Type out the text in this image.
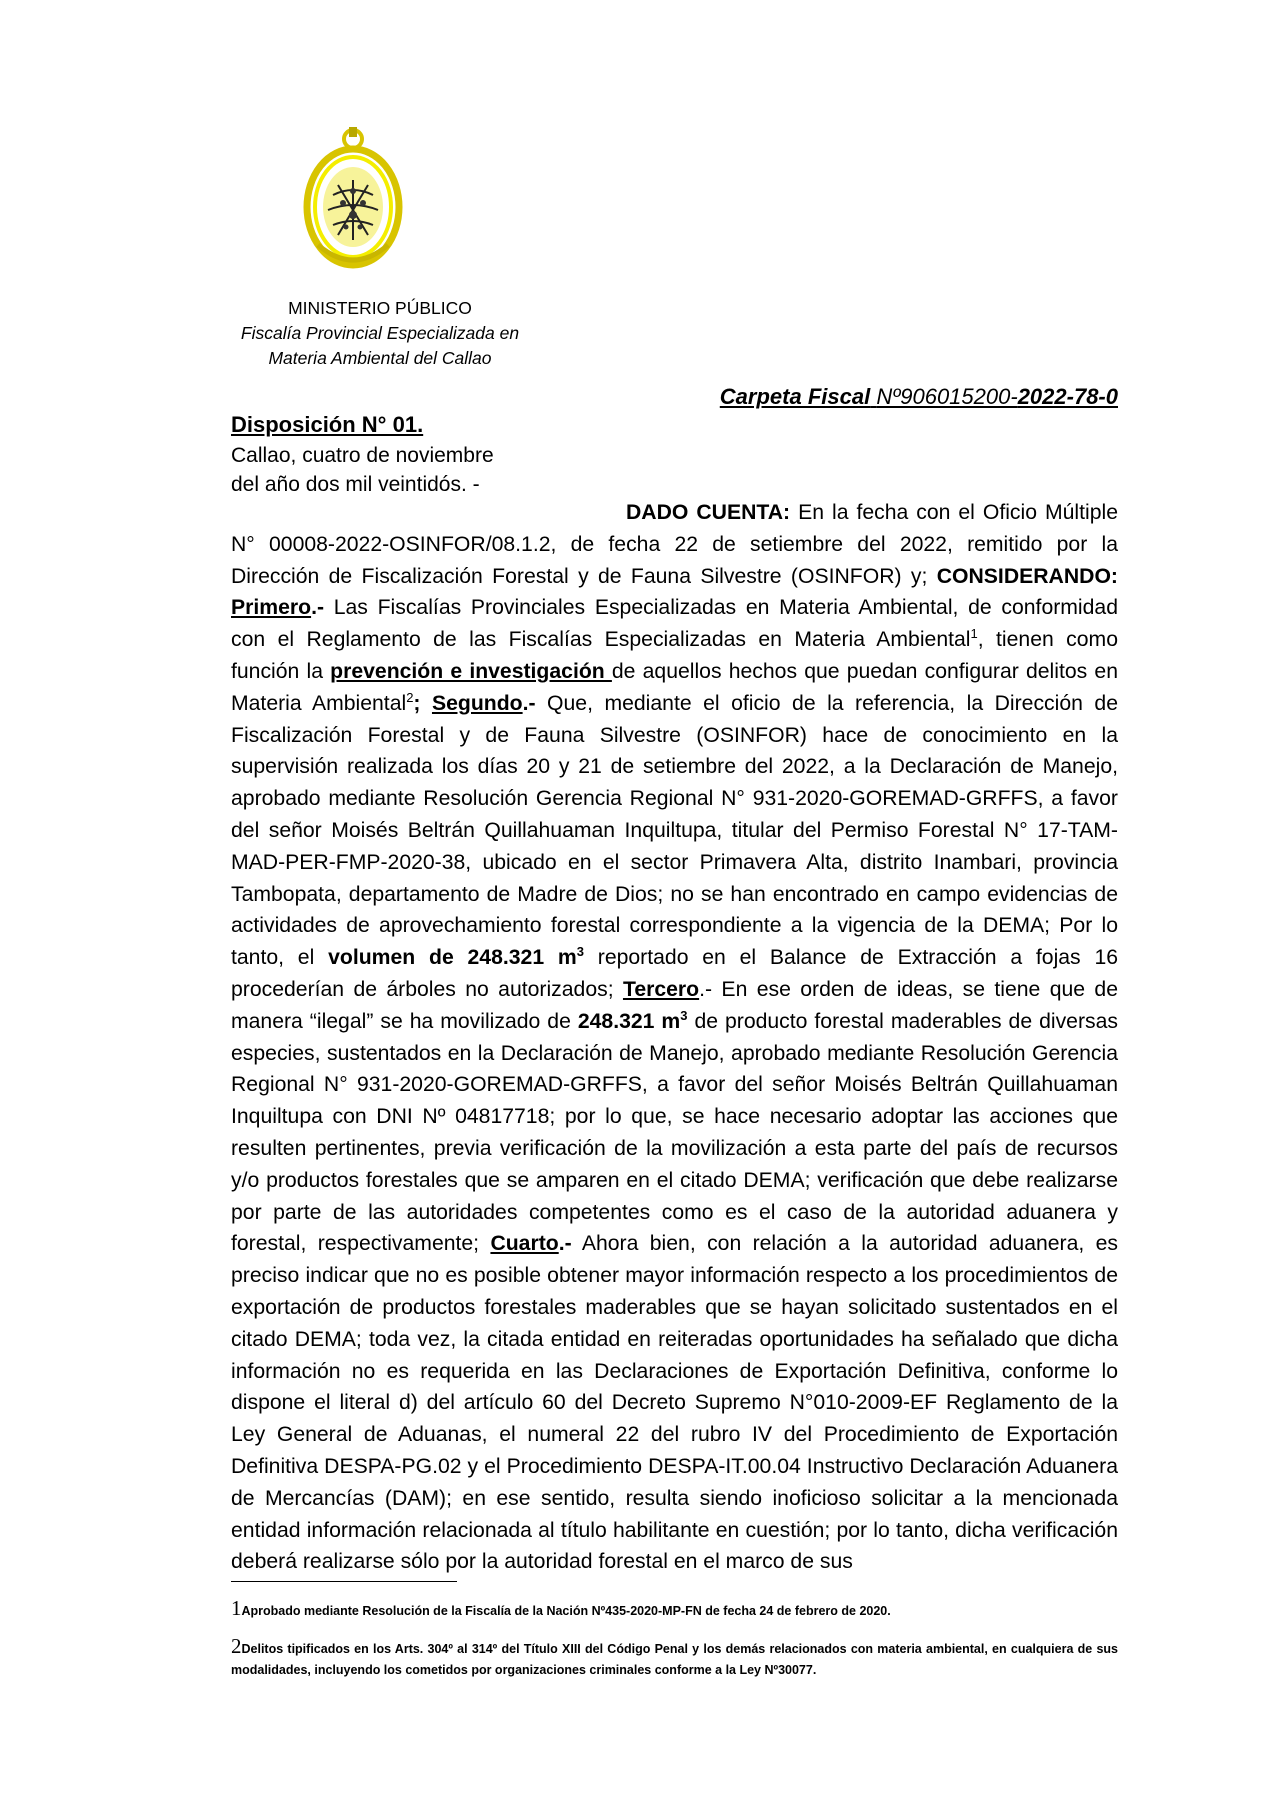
MINISTERIO PÚBLICO

Fiscalía Provincial Especializada en
Materia Ambiental del Callao

Carpeta Fiscal Nº906015200-2022-78-0
Disposición N° 01.
Callao, cuatro de noviembre
del año dos mil veintidós. -
DADO CUENTA: En la fecha con el Oficio Múltiple N° 00008-2022-OSINFOR/08.1.2, de fecha 22 de setiembre del 2022, remitido por la Dirección de Fiscalización Forestal y de Fauna Silvestre (OSINFOR) y; CONSIDERANDO: Primero.- Las Fiscalías Provinciales Especializadas en Materia Ambiental, de conformidad con el Reglamento de las Fiscalías Especializadas en Materia Ambiental$^1$, tienen como función la prevención e investigación de aquellos hechos que puedan configurar delitos en Materia Ambiental$^2$; Segundo.- Que, mediante el oficio de la referencia, la Dirección de Fiscalización Forestal y de Fauna Silvestre (OSINFOR) hace de conocimiento en la supervisión realizada los días 20 y 21 de setiembre del 2022, a la Declaración de Manejo, aprobado mediante Resolución Gerencia Regional N° 931-2020-GOREMAD-GRFFS, a favor del señor Moisés Beltrán Quillahuaman Inquiltupa, titular del Permiso Forestal N° 17-TAM-MAD-PER-FMP-2020-38, ubicado en el sector Primavera Alta, distrito Inambari, provincia Tambopata, departamento de Madre de Dios; no se han encontrado en campo evidencias de actividades de aprovechamiento forestal correspondiente a la vigencia de la DEMA; Por lo tanto, el volumen de 248.321 $m^3$ reportado en el Balance de Extracción a fojas 16 procederían de árboles no autorizados; Tercero.- En ese orden de ideas, se tiene que de manera “ilegal” se ha movilizado de 248.321 $m^3$ de producto forestal maderables de diversas especies, sustentados en la Declaración de Manejo, aprobado mediante Resolución Gerencia Regional N° 931-2020-GOREMAD-GRFFS, a favor del señor Moisés Beltrán Quillahuaman Inquiltupa con DNI Nº 04817718; por lo que, se hace necesario adoptar las acciones que resulten pertinentes, previa verificación de la movilización a esta parte del país de recursos y/o productos forestales que se amparen en el citado DEMA; verificación que debe realizarse por parte de las autoridades competentes como es el caso de la autoridad aduanera y forestal, respectivamente; Cuarto.- Ahora bien, con relación a la autoridad aduanera, es preciso indicar que no es posible obtener mayor información respecto a los procedimientos de exportación de productos forestales maderables que se hayan solicitado sustentados en el citado DEMA; toda vez, la citada entidad en reiteradas oportunidades ha señalado que dicha información no es requerida en las Declaraciones de Exportación Definitiva, conforme lo dispone el literal d) del artículo 60 del Decreto Supremo N°010-2009-EF Reglamento de la Ley General de Aduanas, el numeral 22 del rubro IV del Procedimiento de Exportación Definitiva DESPA-PG.02 y el Procedimiento DESPA-IT.00.04 Instructivo Declaración Aduanera de Mercancías (DAM); en ese sentido, resulta siendo inoficioso solicitar a la mencionada entidad información relacionada al título habilitante en cuestión; por lo tanto, dicha verificación deberá realizarse sólo por la autoridad forestal en el marco de sus
1Aprobado mediante Resolución de la Fiscalía de la Nación Nº435-2020-MP-FN de fecha 24 de febrero de 2020.
2Delitos tipificados en los Arts. 304º al 314º del Título XIII del Código Penal y los demás relacionados con materia ambiental, en cualquiera de sus modalidades, incluyendo los cometidos por organizaciones criminales conforme a la Ley Nº30077.
